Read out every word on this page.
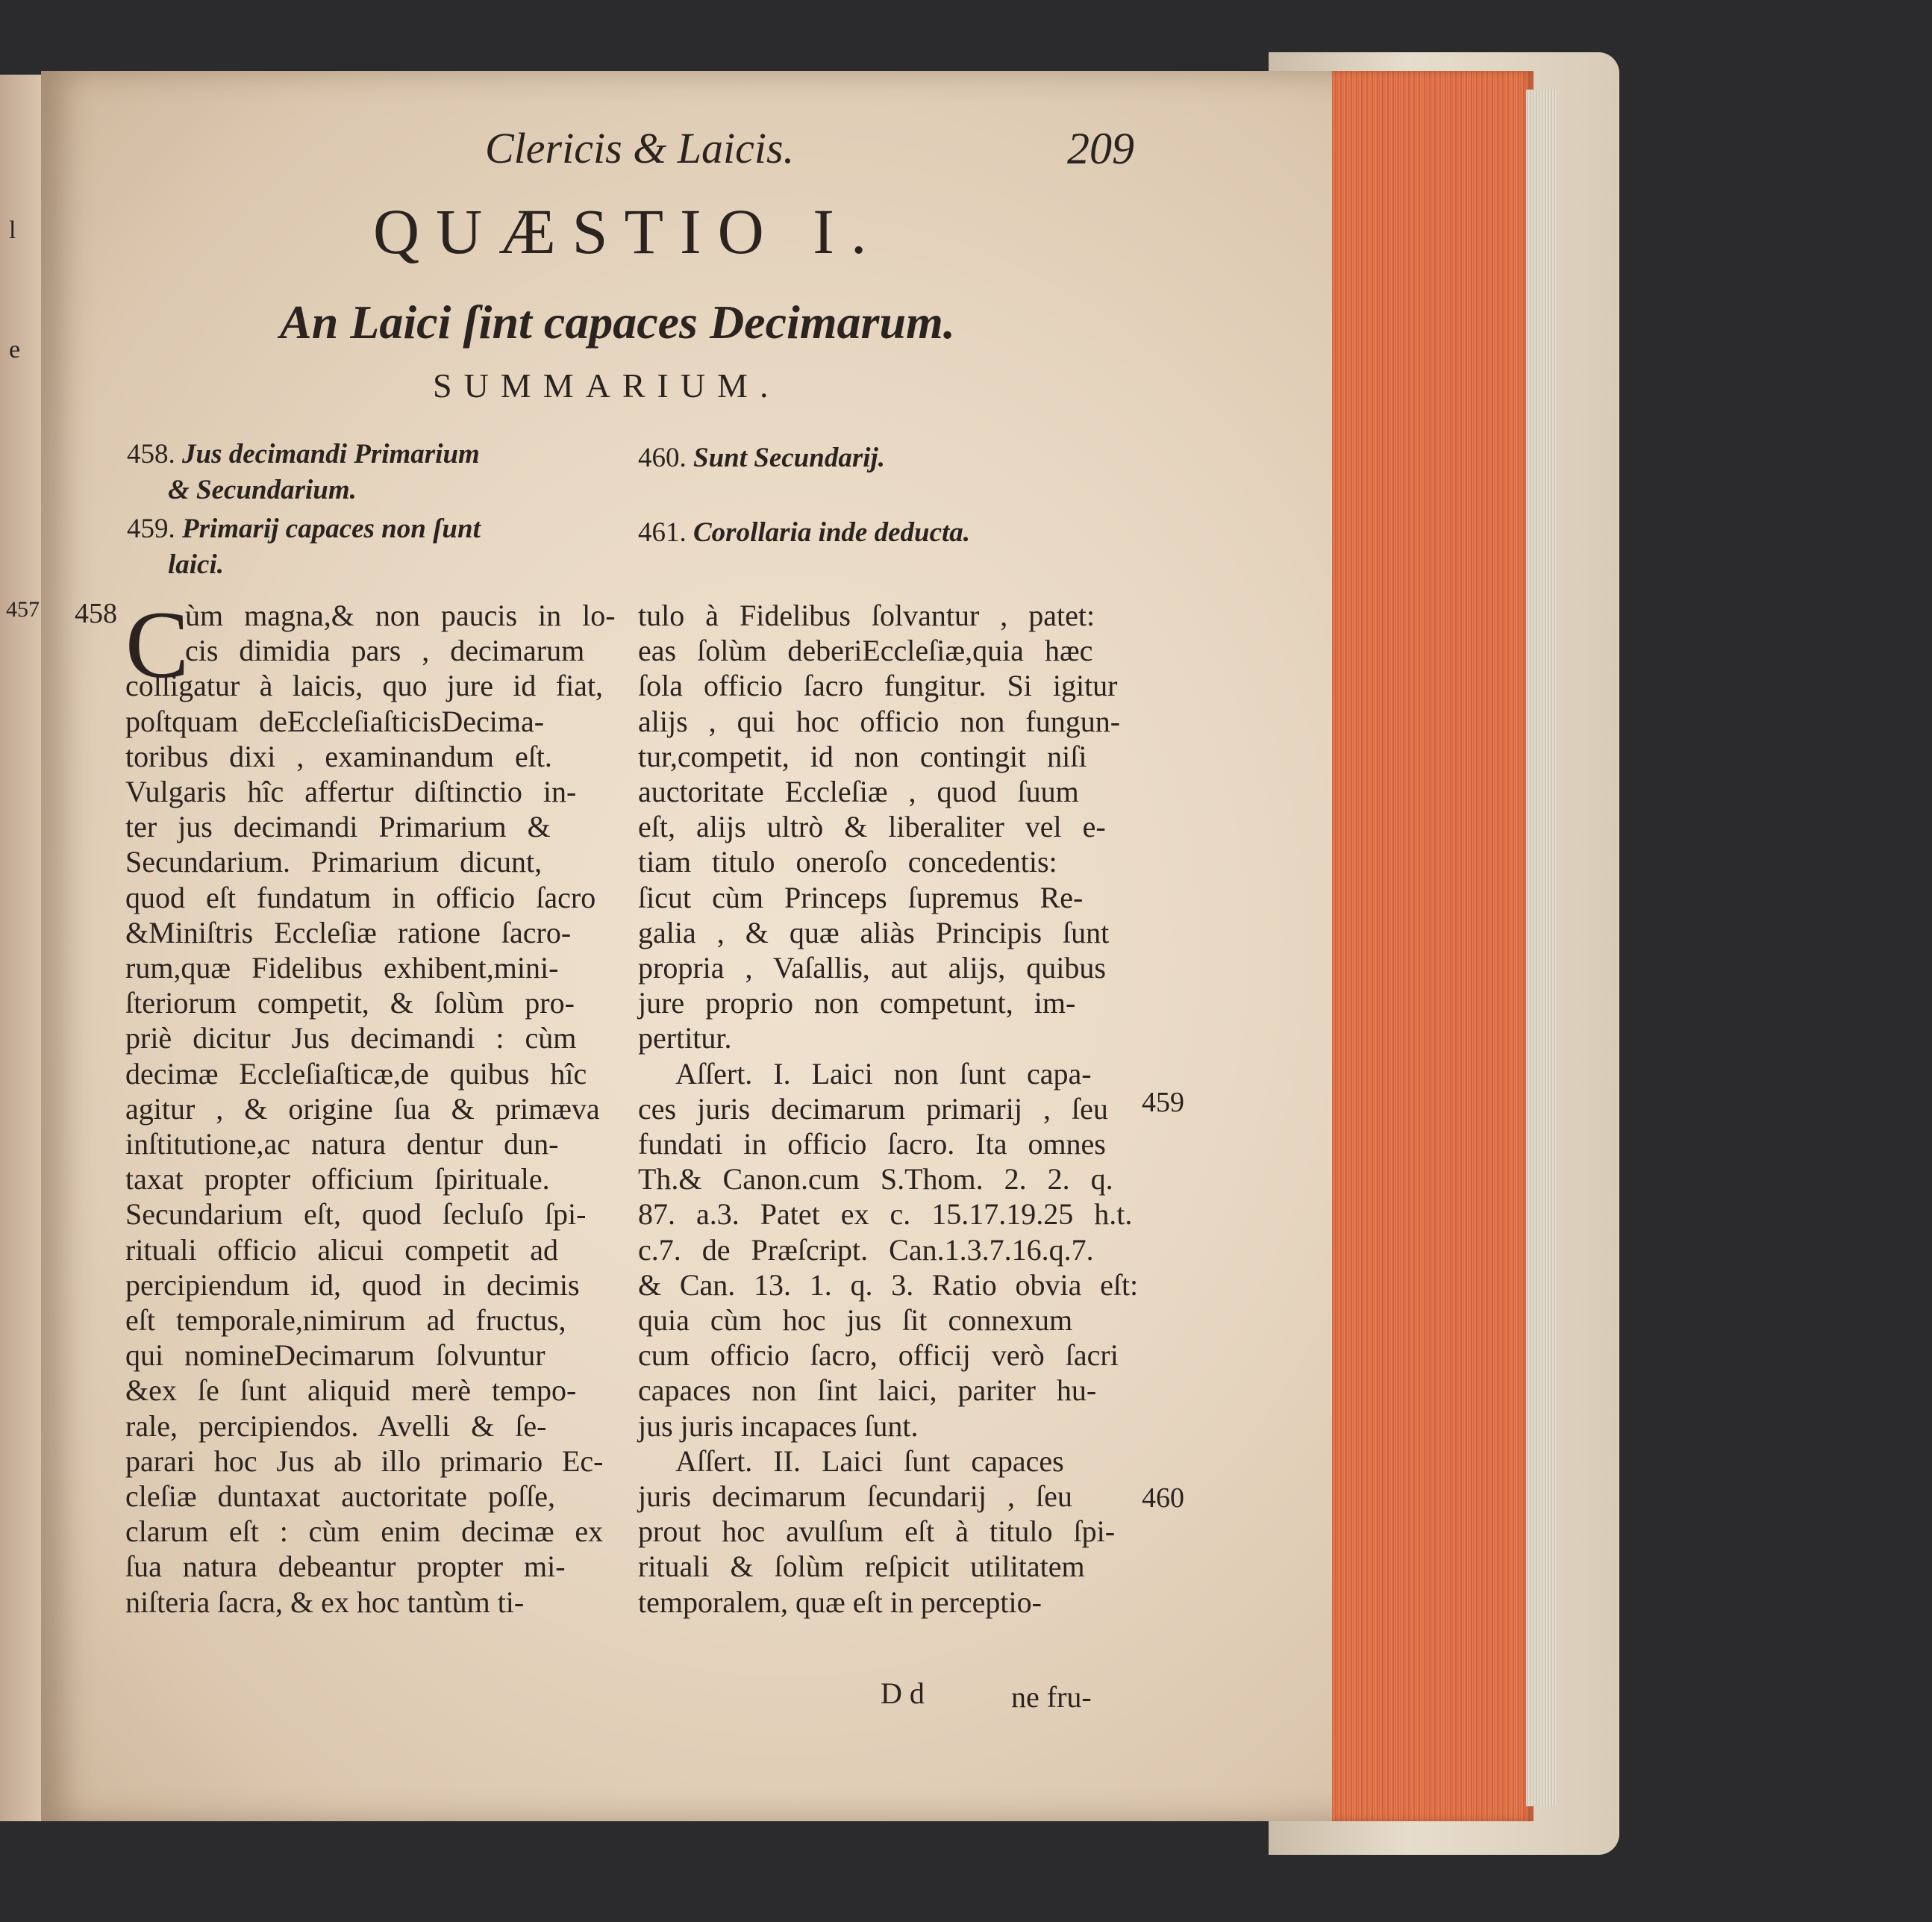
l
e
457
Clericis & Laicis.	209
QUÆSTIO I.
An Laici ſint capaces Decimarum.
SUMMARIUM.
458. Jus decimandi Primarium
& Secundarium.
459. Primarij capaces non ſunt
laici.
460. Sunt Secundarij.
461. Corollaria inde deducta.
458
459
460
C
ùm magna,& non paucis in lo-
cis dimidia pars , decimarum
colligatur à laicis, quo jure id fiat,
poſtquam deEccleſiaſticisDecima-
toribus dixi , examinandum eſt.
Vulgaris hîc affertur diſtinctio in-
ter jus decimandi Primarium &
Secundarium. Primarium dicunt,
quod eſt fundatum in officio ſacro
&Miniſtris Eccleſiæ ratione ſacro-
rum,quæ Fidelibus exhibent,mini-
ſteriorum competit, & ſolùm pro-
priè dicitur Jus decimandi : cùm
decimæ Eccleſiaſticæ,de quibus hîc
agitur , & origine ſua & primæva
inſtitutione,ac natura dentur dun-
taxat propter officium ſpirituale.
Secundarium eſt, quod ſecluſo ſpi-
rituali officio alicui competit ad
percipiendum id, quod in decimis
eſt temporale,nimirum ad fructus,
qui nomineDecimarum ſolvuntur
&ex ſe ſunt aliquid merè tempo-
rale, percipiendos. Avelli & ſe-
parari hoc Jus ab illo primario Ec-
cleſiæ duntaxat auctoritate poſſe,
clarum eſt : cùm enim decimæ ex
ſua natura debeantur propter mi-
niſteria ſacra, & ex hoc tantùm ti-
tulo à Fidelibus ſolvantur , patet:
eas ſolùm deberiEccleſiæ,quia hæc
ſola officio ſacro fungitur. Si igitur
alijs , qui hoc officio non fungun-
tur,competit, id non contingit niſi
auctoritate Eccleſiæ , quod ſuum
eſt, alijs ultrò & liberaliter vel e-
tiam titulo oneroſo concedentis:
ſicut cùm Princeps ſupremus Re-
galia , & quæ aliàs Principis ſunt
propria , Vaſallis, aut alijs, quibus
jure proprio non competunt, im-
pertitur.
Aſſert. I. Laici non ſunt capa-
ces juris decimarum primarij , ſeu
fundati in officio ſacro. Ita omnes
Th.& Canon.cum S.Thom. 2. 2. q.
87. a.3. Patet ex c. 15.17.19.25 h.t.
c.7. de Præſcript. Can.1.3.7.16.q.7.
& Can. 13. 1. q. 3. Ratio obvia eſt:
quia cùm hoc jus ſit connexum
cum officio ſacro, officij verò ſacri
capaces non ſint laici, pariter hu-
jus juris incapaces ſunt.
Aſſert. II. Laici ſunt capaces
juris decimarum ſecundarij , ſeu
prout hoc avulſum eſt à titulo ſpi-
rituali & ſolùm reſpicit utilitatem
temporalem, quæ eſt in perceptio-
D d	ne fru-
